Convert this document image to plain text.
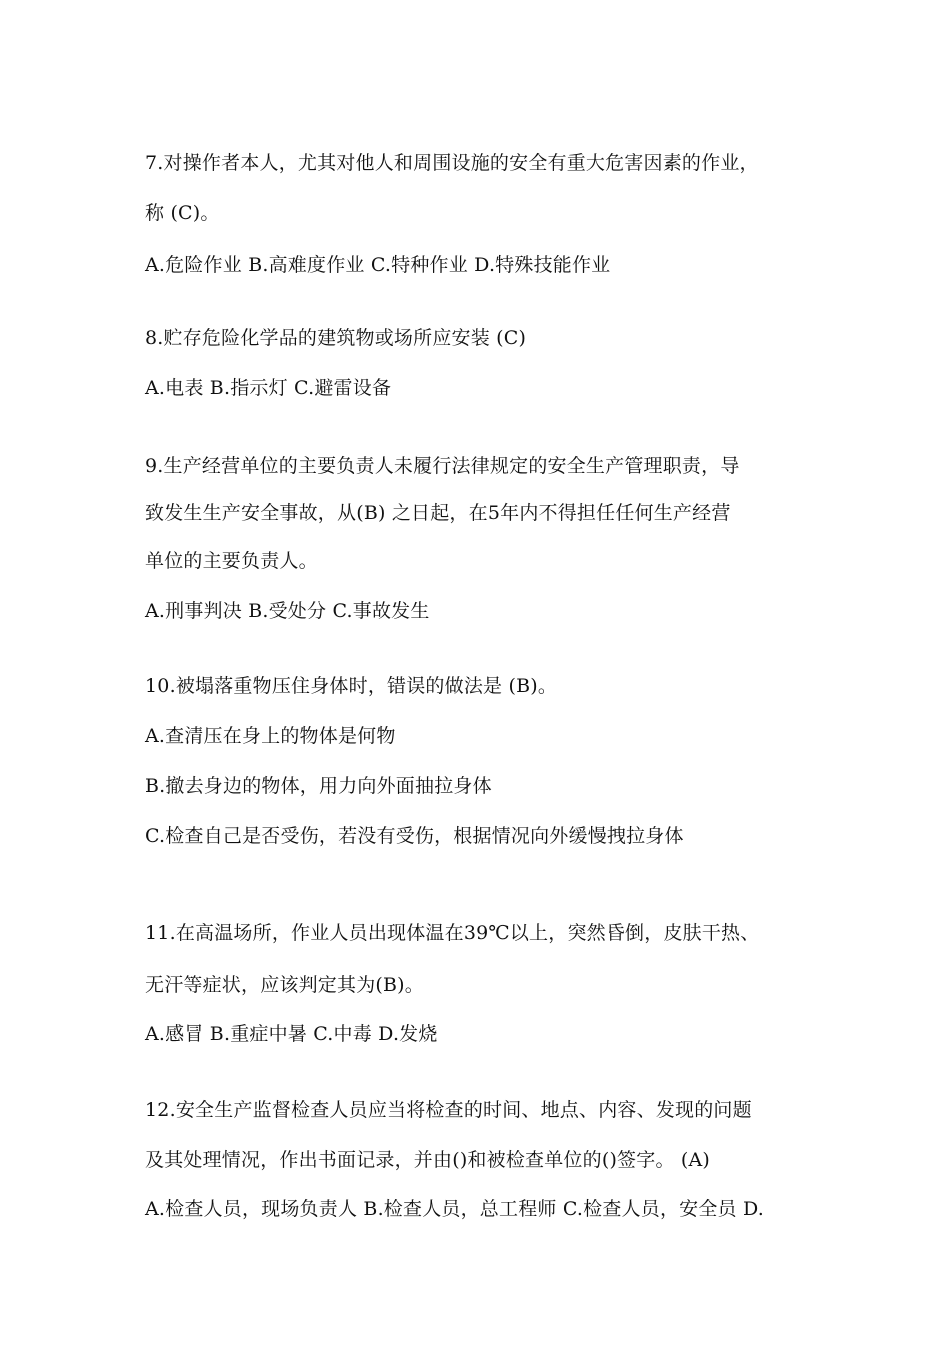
7.对操作者本人，尤其对他人和周围设施的安全有重大危害因素的作业，
称 (C)。
A.危险作业 B.高难度作业 C.特种作业 D.特殊技能作业
8.贮存危险化学品的建筑物或场所应安装 (C)
A.电表 B.指示灯 C.避雷设备
9.生产经营单位的主要负责人未履行法律规定的安全生产管理职责，导
致发生生产安全事故，从(B) 之日起，在5年内不得担任任何生产经营
单位的主要负责人。
A.刑事判决 B.受处分 C.事故发生
10.被塌落重物压住身体时，错误的做法是 (B)。
A.查清压在身上的物体是何物
B.撤去身边的物体，用力向外面抽拉身体
C.检查自己是否受伤，若没有受伤，根据情况向外缓慢拽拉身体
11.在高温场所，作业人员出现体温在39℃以上，突然昏倒，皮肤干热、
无汗等症状，应该判定其为(B)。
A.感冒 B.重症中暑 C.中毒 D.发烧
12.安全生产监督检查人员应当将检查的时间、地点、内容、发现的问题
及其处理情况，作出书面记录，并由()和被检查单位的()签字。 (A)
A.检查人员，现场负责人 B.检查人员，总工程师 C.检查人员，安全员 D.
